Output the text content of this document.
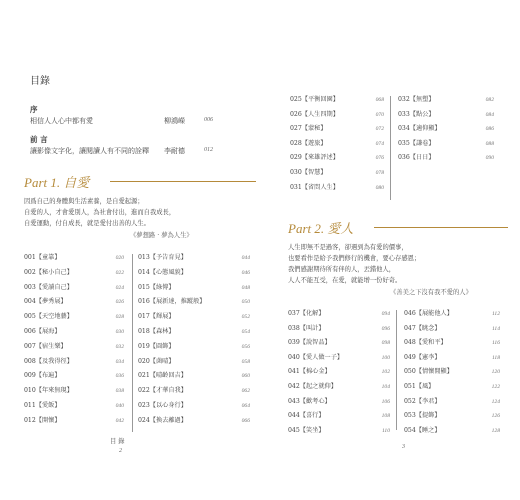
目錄
序
相信人人心中都有愛	柳鴻嶸	006
前 言
讓影像文字化，讓閱讀人有不同的詮釋 李耐德	012
Part 1. 自愛
因爲自己的身體與生活素養，是自愛起源；
自愛的人，才會愛別人，為社會付出，進而自我成長，
自愛運動，付自成長，就是愛付出善的人生。
《夢想路 · 夢為人生》
001【童靠】	020
002【秘小自己】	022
003【愛讀自己】	024
004【夢秀展】	026
005【天空地藝】	028
006【展海】	030
007【宿生樂】	032
008【及我得徑】	034
009【布遍】	036
010【年來無現】	038
011【愛飯】	040
012【開懷】	042
013【予告育見】	044
014【心態風貌】	046
015【綠傳】	048
016【展新達，推蹤般】	050
017【輝展】	052
018【森林】	054
019【圓飾】	056
020【菌晴】	058
021【晴齡回吉】	060
022【才華自我】	062
023【以心身行】	064
024【換去離過】	066
目 錄
2
025【平衡回園】	068
026【人生四期】	070
027【蒙秘】	072
028【遊旅】	074
029【來雄評述】	076
030【智慧】	078
031【省問人生】	080
032【無塑】	082
033【點公】	084
034【適仰顯】	086
035【謙卷】	088
036【日日】	090
Part 2. 愛人
人生即無不是過客，卻遇到為有愛的價事，
也要看作是給予我們修行的機會，要心存感恩；
我們感謝期待所有伴的人，丟錯他人，
人人不能互受，在愛，就能增一份好奇。
《善美之下沒有我不愛的人》
037【化解】	094
038【叫計】	096
039【說智品】	098
040【愛人做一子】	100
041【棉心金】	102
042【起之就仰】	104
043【歡考心】	106
044【喜行】	108
045【笑坐】	110
046【展能他人】	112
047【眺念】	114
048【愛和平】	116
049【憲李】	118
050【情懷閒顯】	120
051【風】	122
052【李君】	124
053【提飾】	126
054【睡之】	128
3
